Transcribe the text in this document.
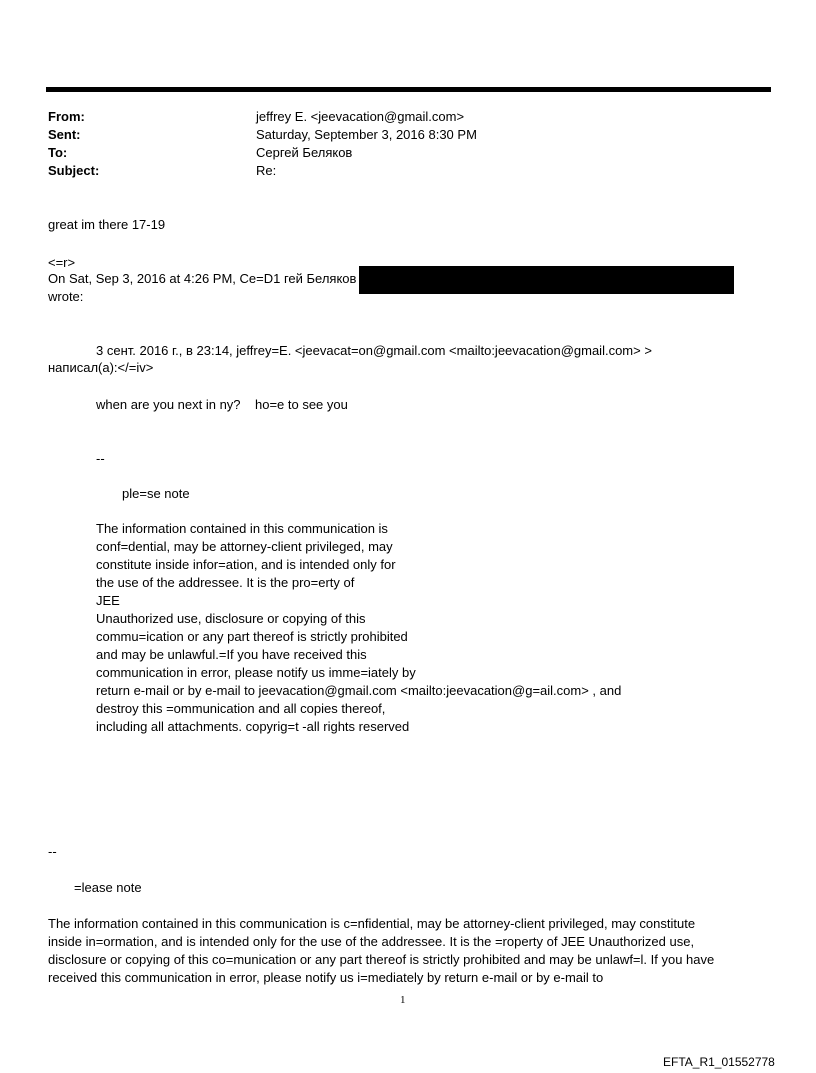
From:	jeffrey E. <jeevacation@gmail.com>
Sent:	Saturday, September 3, 2016 8:30 PM
To:	Сергей Беляков
Subject:	Re:
great im there 17-19
<=r>
On Sat, Sep 3, 2016 at 4:26 PM, Ce=D1 гей Беляков
wrote:
3 сент. 2016 г., в 23:14, jeffrey=E. <jeevacat=on@gmail.com <mailto:jeevacation@gmail.com> >
написал(а):</=iv>
when are you next in ny?    ho=e to see you
--
ple=se note
The information contained in this communication is
conf=dential, may be attorney-client privileged, may
constitute inside infor=ation, and is intended only for
the use of the addressee. It is the pro=erty of
JEE
Unauthorized use, disclosure or copying of this
commu=ication or any part thereof is strictly prohibited
and may be unlawful.=If you have received this
communication in error, please notify us imme=iately by
return e-mail or by e-mail to jeevacation@gmail.com <mailto:jeevacation@g=ail.com> , and
destroy this =ommunication and all copies thereof,
including all attachments. copyrig=t -all rights reserved
--
=lease note
The information contained in this communication is c=nfidential, may be attorney-client privileged, may constitute
inside in=ormation, and is intended only for the use of the addressee. It is the =roperty of JEE Unauthorized use,
disclosure or copying of this co=munication or any part thereof is strictly prohibited and may be unlawf=l. If you have
received this communication in error, please notify us i=mediately by return e-mail or by e-mail to
1
EFTA_R1_01552778
